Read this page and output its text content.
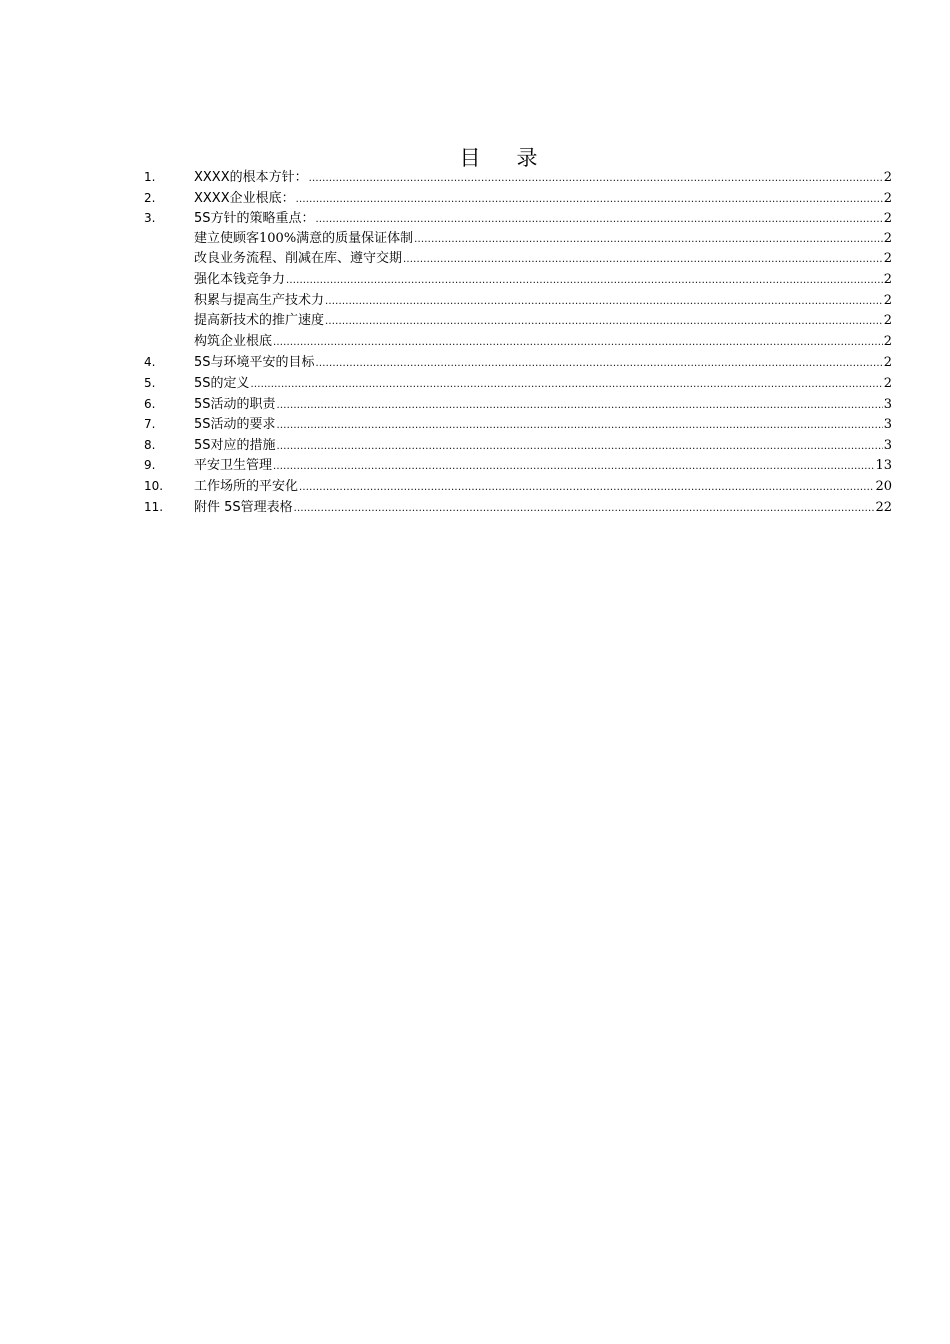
目 录
1.	XXXX的根本方针： .....	2
2.	XXXX企业根底： .....	2
3.	5S方针的策略重点： .....	2
建立使顾客100%满意的质量保证体制 .....	2
改良业务流程、削减在库、遵守交期 .....	2
强化本钱竞争力 .....	2
积累与提高生产技术力 .....	2
提高新技术的推广速度 .....	2
构筑企业根底 .....	2
4.	5S与环境平安的目标 .....	2
5.	5S的定义 .....	2
6.	5S活动的职责 .....	3
7.	5S活动的要求 .....	3
8.	5S对应的措施 .....	3
9.	平安卫生管理 .....	13
10.	工作场所的平安化 .....	20
11.	附件 5S管理表格 .....	22
